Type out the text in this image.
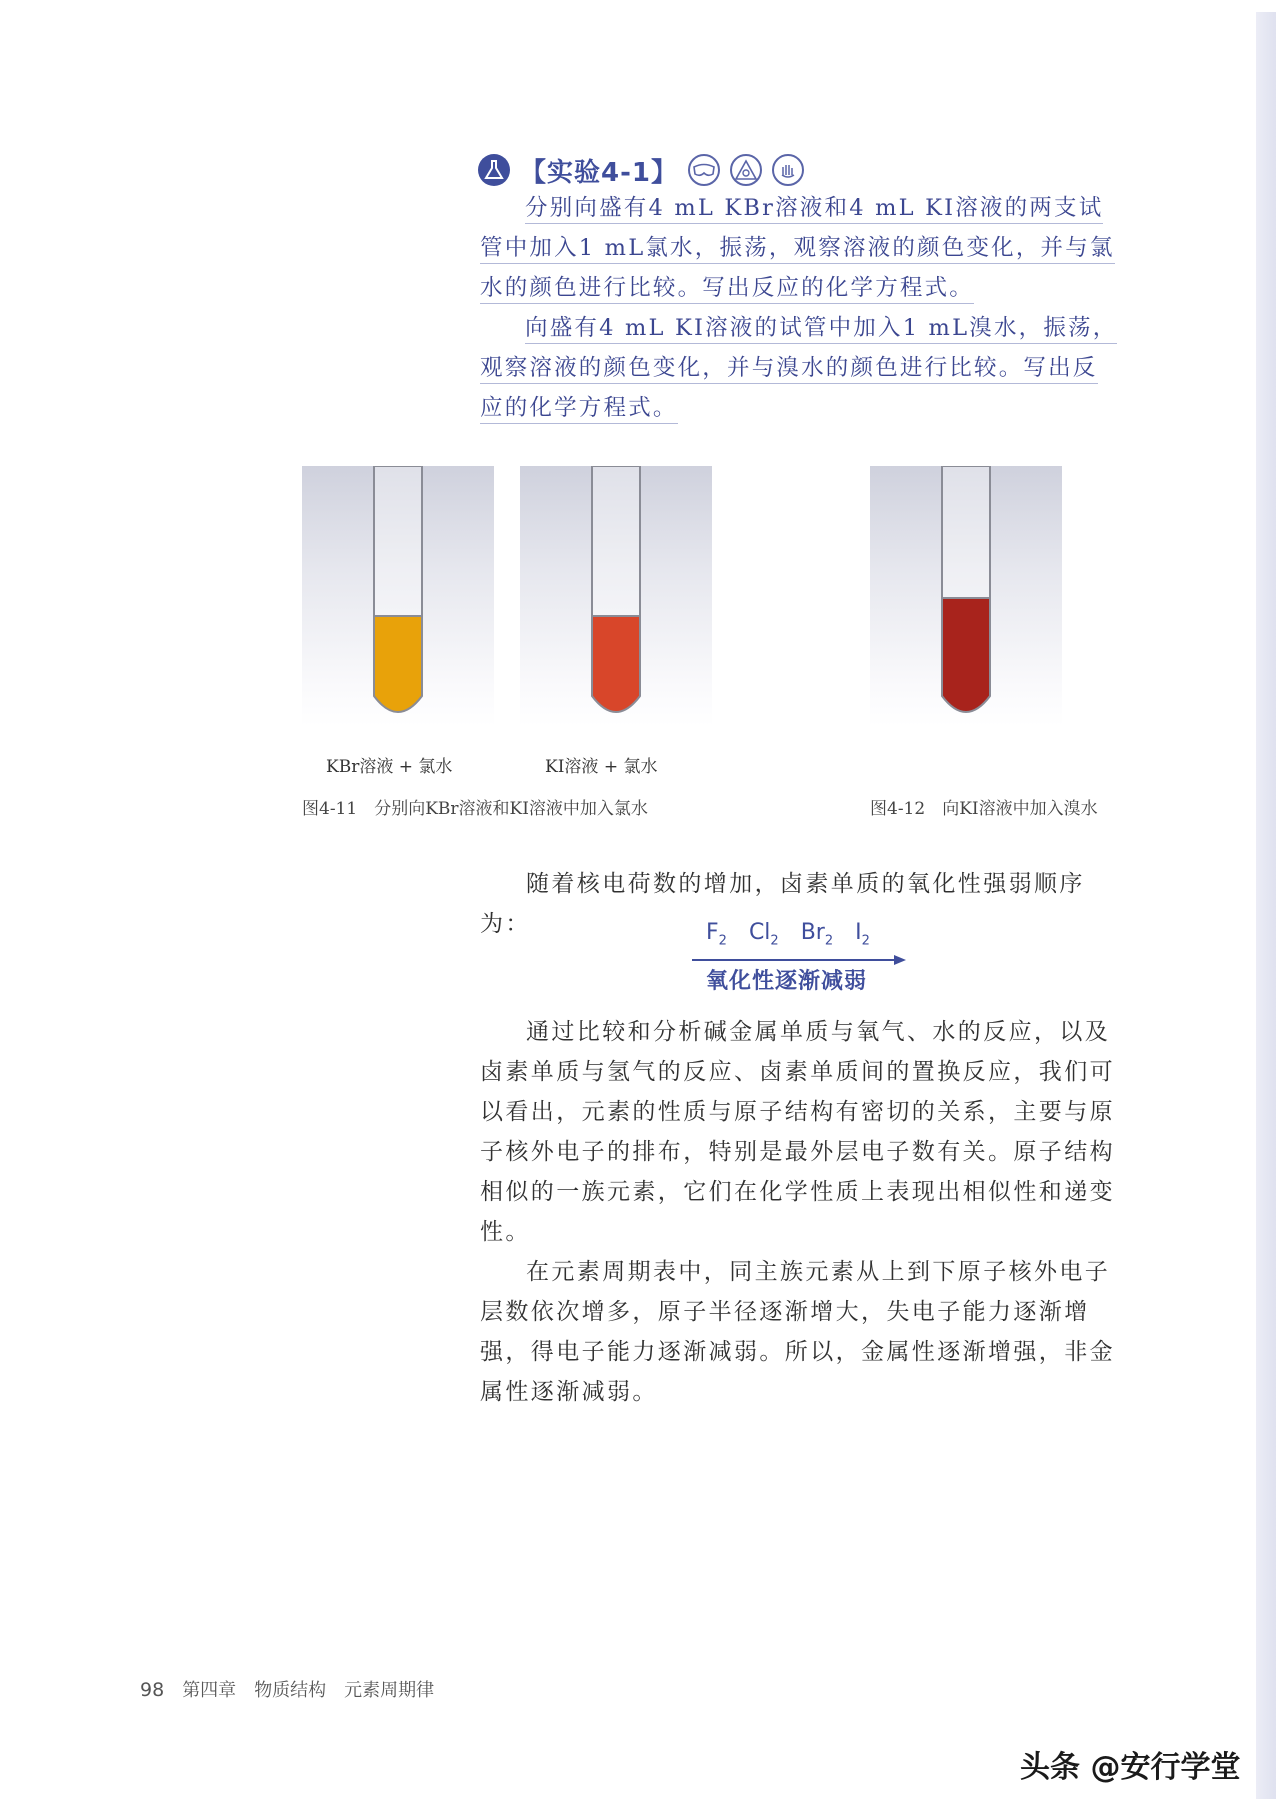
【实验4-1】

分别向盛有4 mL KBr溶液和4 mL KI溶液的两支试管中加入1 mL氯水，振荡，观察溶液的颜色变化，并与氯水的颜色进行比较。写出反应的化学方程式。

向盛有4 mL KI溶液的试管中加入1 mL溴水，振荡，观察溶液的颜色变化，并与溴水的颜色进行比较。写出反应的化学方程式。

KBr溶液 + 氯水	KI溶液 + 氯水
图4-11　分别向KBr溶液和KI溶液中加入氯水	图4-12　向KI溶液中加入溴水

随着核电荷数的增加，卤素单质的氧化性强弱顺序为：	$F_2$ $Cl_2$ $Br_2$ $I_2$
氧化性逐渐减弱

通过比较和分析碱金属单质与氧气、水的反应，以及卤素单质与氢气的反应、卤素单质间的置换反应，我们可以看出，元素的性质与原子结构有密切的关系，主要与原子核外电子的排布，特别是最外层电子数有关。原子结构相似的一族元素，它们在化学性质上表现出相似性和递变性。

在元素周期表中，同主族元素从上到下原子核外电子层数依次增多，原子半径逐渐增大，失电子能力逐渐增强，得电子能力逐渐减弱。所以，金属性逐渐增强，非金属性逐渐减弱。

98 第四章 物质结构　元素周期律
头条 @安行学堂
